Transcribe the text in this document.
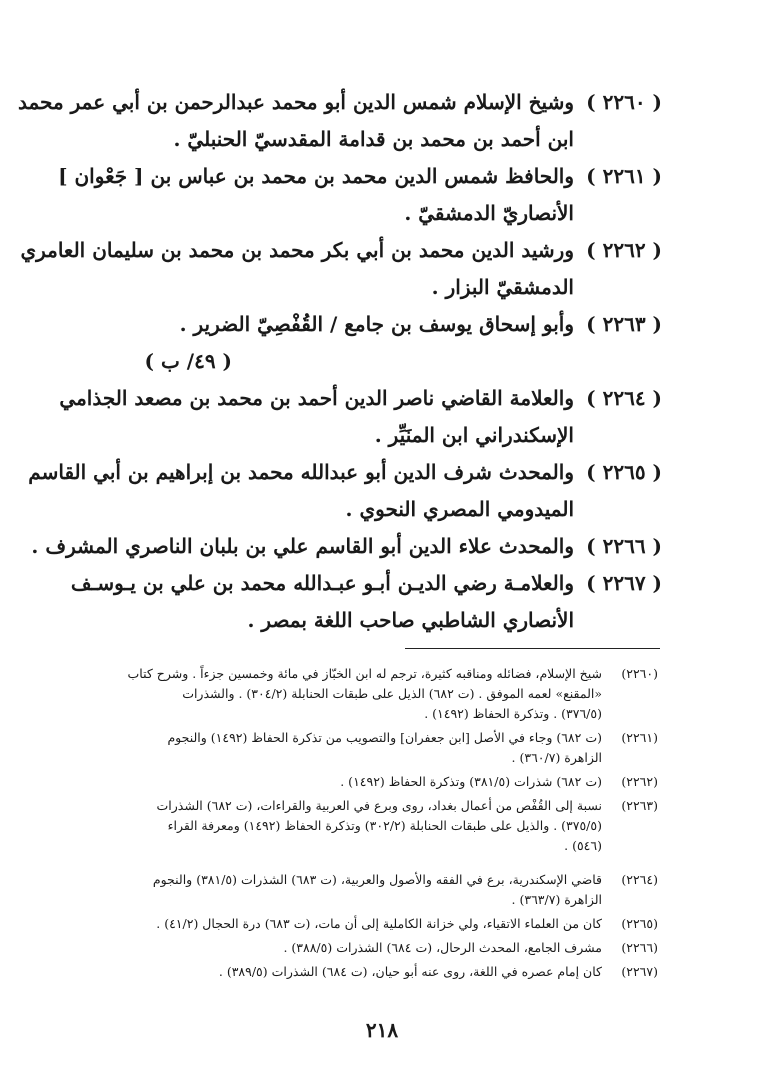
( ٢٢٦٠ )وشيخ الإسلام شمس الدين أبو محمد عبدالرحمن بن أبي عمر محمد
ابن أحمد بن محمد بن قدامة المقدسيّ الحنبليّ .
( ٢٢٦١ )والحافظ شمس الدين محمد بن محمد بن عباس بن [ جَعْوان ]
الأنصاريّ الدمشقيّ .
( ٢٢٦٢ )ورشيد الدين محمد بن أبي بكر محمد بن محمد بن سليمان العامري
الدمشقيّ البزار .
( ٢٢٦٣ )وأبو إسحاق يوسف بن جامع / القُفْصِيّ الضرير .
( ٤٩/ ب )
( ٢٢٦٤ )والعلامة القاضي ناصر الدين أحمد بن محمد بن مصعد الجذامي
الإسكندراني ابن المنَيِّر .
( ٢٢٦٥ )والمحدث شرف الدين أبو عبدالله محمد بن إبراهيم بن أبي القاسم
الميدومي المصري النحوي .
( ٢٢٦٦ )والمحدث علاء الدين أبو القاسم علي بن بلبان الناصري المشرف .
( ٢٢٦٧ )والعلامـة رضي الديـن أبـو عبـدالله محمد بن علي بن يـوسـف
الأنصاري الشاطبي صاحب اللغة بمصر .
(٢٢٦٠)
شيخ الإسلام، فضائله ومناقبه كثيرة، ترجم له ابن الخبّاز في مائة وخمسين جزءاً . وشرح كتاب
«المقنع» لعمه الموفق . (ت ٦٨٢) الذيل على طبقات الحنابلة (٣٠٤/٢) . والشذرات
(٣٧٦/٥) . وتذكرة الحفاظ (١٤٩٢) .
(٢٢٦١)
(ت ٦٨٢) وجاء في الأصل [ابن جعفران] والتصويب من تذكرة الحفاظ (١٤٩٢) والنجوم
الزاهرة (٣٦٠/٧) .
(٢٢٦٢)
(ت ٦٨٢) شذرات (٣٨١/٥) وتذكرة الحفاظ (١٤٩٢) .
(٢٢٦٣)
نسبة إلى القُفْص من أعمال بغداد، روى وبرع في العربية والقراءات، (ت ٦٨٢) الشذرات
(٣٧٥/٥) . والذيل على طبقات الحنابلة (٣٠٢/٢) وتذكرة الحفاظ (١٤٩٢) ومعرفة القراء
(٥٤٦) .
(٢٢٦٤)
قاضي الإسكندرية، برع في الفقه والأصول والعربية، (ت ٦٨٣) الشذرات (٣٨١/٥) والنجوم
الزاهرة (٣٦٣/٧) .
(٢٢٦٥)
كان من العلماء الاتقياء، ولي خزانة الكاملية إلى أن مات، (ت ٦٨٣) درة الحجال (٤١/٢) .
(٢٢٦٦)
مشرف الجامع، المحدث الرحال، (ت ٦٨٤) الشذرات (٣٨٨/٥) .
(٢٢٦٧)
كان إمام عصره في اللغة، روى عنه أبو حيان، (ت ٦٨٤) الشذرات (٣٨٩/٥) .
٢١٨
